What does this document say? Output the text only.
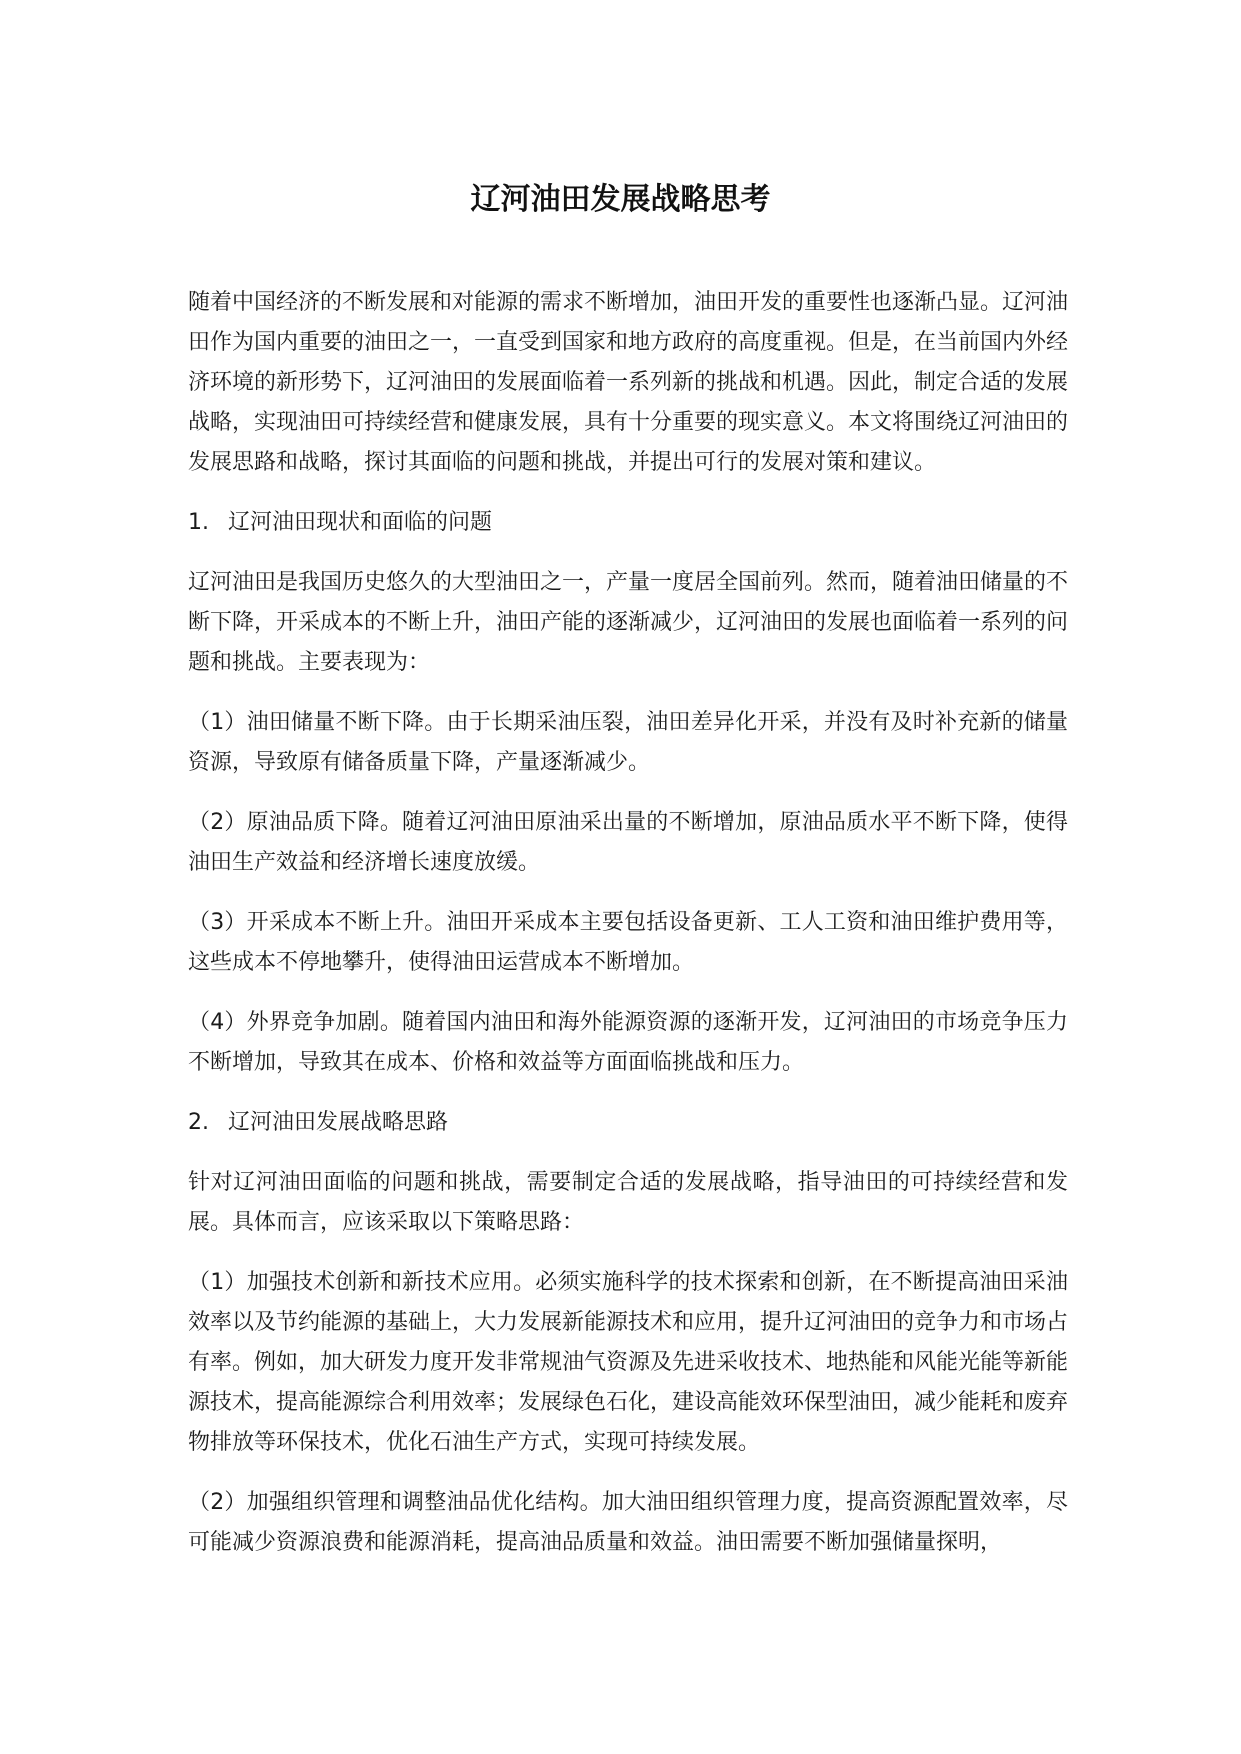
辽河油田发展战略思考

随着中国经济的不断发展和对能源的需求不断增加，油田开发的重要性也逐渐凸显。辽河油田作为国内重要的油田之一，一直受到国家和地方政府的高度重视。但是，在当前国内外经济环境的新形势下，辽河油田的发展面临着一系列新的挑战和机遇。因此，制定合适的发展战略，实现油田可持续经营和健康发展，具有十分重要的现实意义。本文将围绕辽河油田的发展思路和战略，探讨其面临的问题和挑战，并提出可行的发展对策和建议。

1. 辽河油田现状和面临的问题

辽河油田是我国历史悠久的大型油田之一，产量一度居全国前列。然而，随着油田储量的不断下降，开采成本的不断上升，油田产能的逐渐减少，辽河油田的发展也面临着一系列的问题和挑战。主要表现为：

（1）油田储量不断下降。由于长期采油压裂，油田差异化开采，并没有及时补充新的储量资源，导致原有储备质量下降，产量逐渐减少。

（2）原油品质下降。随着辽河油田原油采出量的不断增加，原油品质水平不断下降，使得油田生产效益和经济增长速度放缓。

（3）开采成本不断上升。油田开采成本主要包括设备更新、工人工资和油田维护费用等，这些成本不停地攀升，使得油田运营成本不断增加。

（4）外界竞争加剧。随着国内油田和海外能源资源的逐渐开发，辽河油田的市场竞争压力不断增加，导致其在成本、价格和效益等方面面临挑战和压力。

2. 辽河油田发展战略思路

针对辽河油田面临的问题和挑战，需要制定合适的发展战略，指导油田的可持续经营和发展。具体而言，应该采取以下策略思路：

（1）加强技术创新和新技术应用。必须实施科学的技术探索和创新，在不断提高油田采油效率以及节约能源的基础上，大力发展新能源技术和应用，提升辽河油田的竞争力和市场占有率。例如，加大研发力度开发非常规油气资源及先进采收技术、地热能和风能光能等新能源技术，提高能源综合利用效率；发展绿色石化，建设高能效环保型油田，减少能耗和废弃物排放等环保技术，优化石油生产方式，实现可持续发展。

（2）加强组织管理和调整油品优化结构。加大油田组织管理力度，提高资源配置效率，尽可能减少资源浪费和能源消耗，提高油品质量和效益。油田需要不断加强储量探明，
